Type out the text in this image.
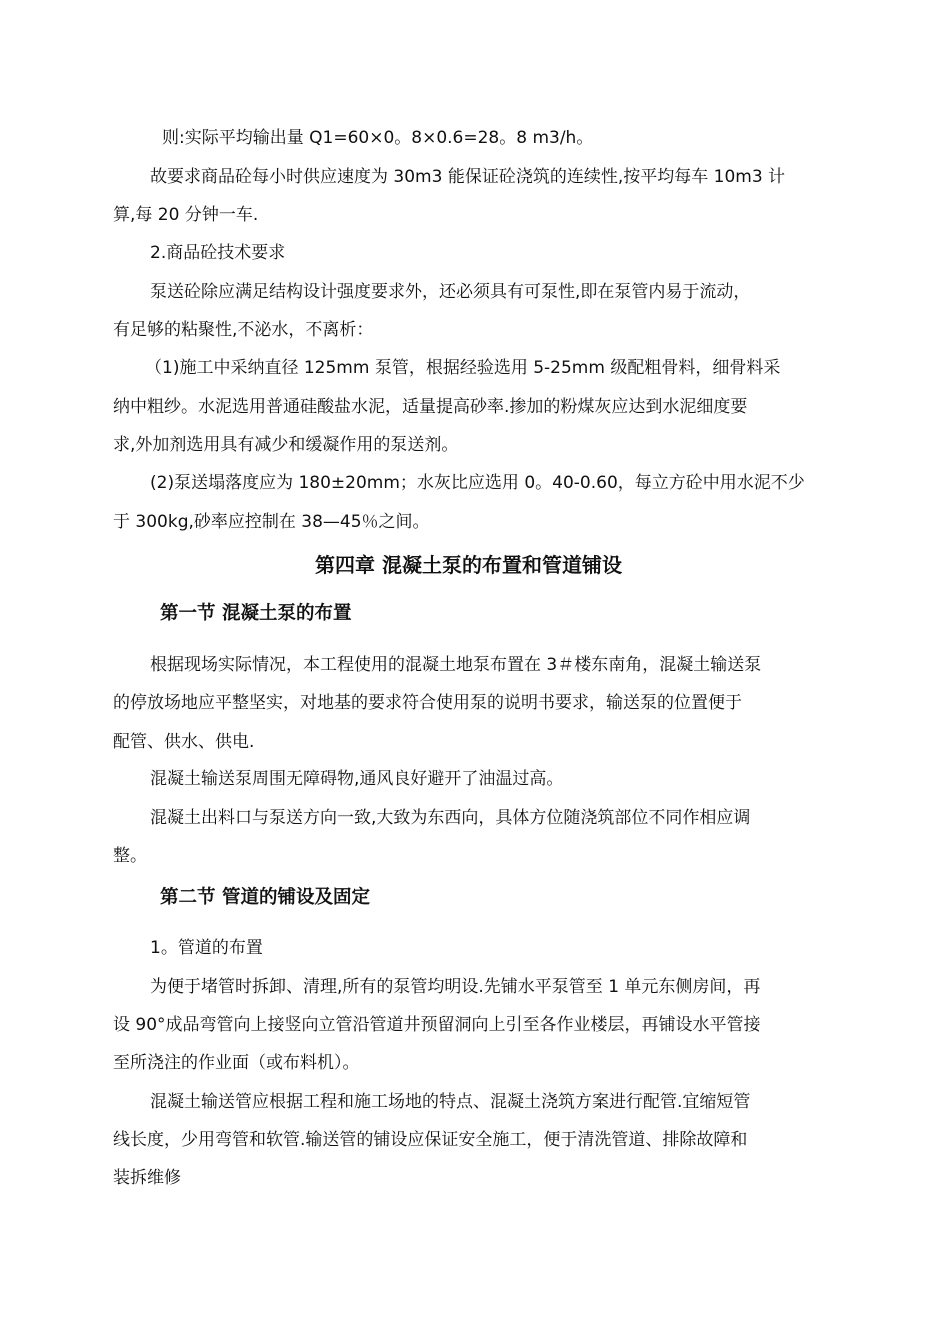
则:实际平均输出量 Q1=60×0。8×0.6=28。8 m3/h。
故要求商品砼每小时供应速度为 30m3 能保证砼浇筑的连续性,按平均每车 10m3 计
算,每 20 分钟一车.
2.商品砼技术要求
泵送砼除应满足结构设计强度要求外，还必须具有可泵性,即在泵管内易于流动，
有足够的粘聚性,不泌水，不离析：
（1)施工中采纳直径 125mm 泵管，根据经验选用 5-25mm 级配粗骨料，细骨料采
纳中粗纱。水泥选用普通硅酸盐水泥，适量提高砂率.掺加的粉煤灰应达到水泥细度要
求,外加剂选用具有减少和缓凝作用的泵送剂。
(2)泵送塌落度应为 180±20mm；水灰比应选用 0。40-0.60，每立方砼中用水泥不少
于 300kg,砂率应控制在 38—45％之间。
第四章 混凝土泵的布置和管道铺设
第一节 混凝土泵的布置
根据现场实际情况，本工程使用的混凝土地泵布置在 3＃楼东南角，混凝土输送泵
的停放场地应平整坚实，对地基的要求符合使用泵的说明书要求，输送泵的位置便于
配管、供水、供电.
混凝土输送泵周围无障碍物,通风良好避开了油温过高。
混凝土出料口与泵送方向一致,大致为东西向，具体方位随浇筑部位不同作相应调
整。
第二节 管道的铺设及固定
1。管道的布置
为便于堵管时拆卸、清理,所有的泵管均明设.先铺水平泵管至 1 单元东侧房间，再
设 90°成品弯管向上接竖向立管沿管道井预留洞向上引至各作业楼层，再铺设水平管接
至所浇注的作业面（或布料机）。
混凝土输送管应根据工程和施工场地的特点、混凝土浇筑方案进行配管.宜缩短管
线长度，少用弯管和软管.输送管的铺设应保证安全施工，便于清洗管道、排除故障和
装拆维修
